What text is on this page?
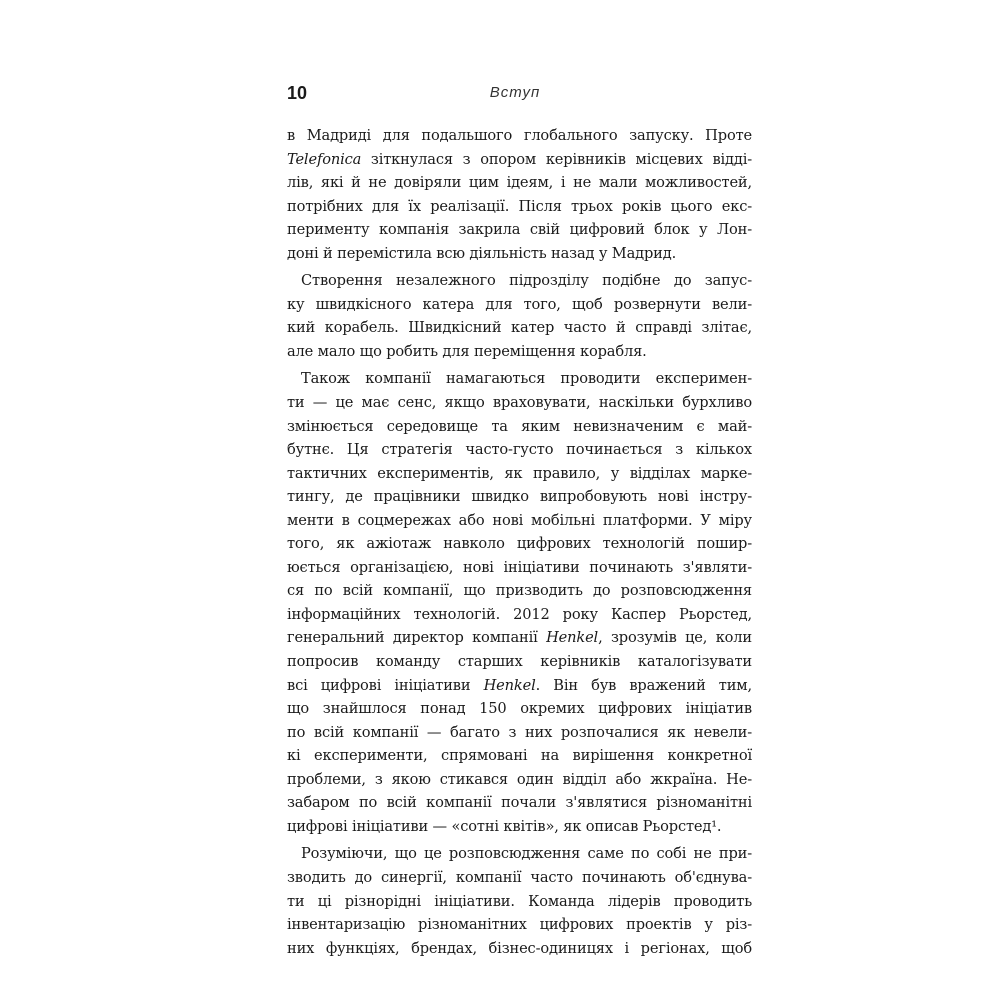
10	Вступ
в Мадриді для подальшого глобального запуску. Проте
Telefonica зіткнулася з опором керівників місцевих відді-
лів, які й не довіряли цим ідеям, і не мали можливостей,
потрібних для їх реалізації. Після трьох років цього екс-
перименту компанія закрила свій цифровий блок у Лон-
доні й перемістила всю діяльність назад у Мадрид.
Створення незалежного підрозділу подібне до запус-
ку швидкісного катера для того, щоб розвернути вели-
кий корабель. Швидкісний катер часто й справді злітає,
але мало що робить для переміщення корабля.
Також компанії намагаються проводити експеримен-
ти — це має сенс, якщо враховувати, наскільки бурхливо
змінюється середовище та яким невизначеним є май-
бутнє. Ця стратегія часто-густо починається з кількох
тактичних експериментів, як правило, у відділах марке-
тингу, де працівники швидко випробовують нові інстру-
менти в соцмережах або нові мобільні платформи. У міру
того, як ажіотаж навколо цифрових технологій пошир-
юється організацією, нові ініціативи починають з'являти-
ся по всій компанії, що призводить до розповсюдження
інформаційних технологій. 2012 року Каспер Рьорстед,
генеральний директор компанії Henkel, зрозумів це, коли
попросив команду старших керівників каталогізувати
всі цифрові ініціативи Henkel. Він був вражений тим,
що знайшлося понад 150 окремих цифрових ініціатив
по всій компанії — багато з них розпочалися як невели-
кі експерименти, спрямовані на вирішення конкретної
проблеми, з якою стикався один відділ або жкраїна. Не-
забаром по всій компанії почали з'являтися різноманітні
цифрові ініціативи — «сотні квітів», як описав Рьорстед¹.
Розуміючи, що це розповсюдження саме по собі не при-
зводить до синергії, компанії часто починають об'єднува-
ти ці різнорідні ініціативи. Команда лідерів проводить
інвентаризацію різноманітних цифрових проектів у різ-
них функціях, брендах, бізнес-одиницях і регіонах, щоб
